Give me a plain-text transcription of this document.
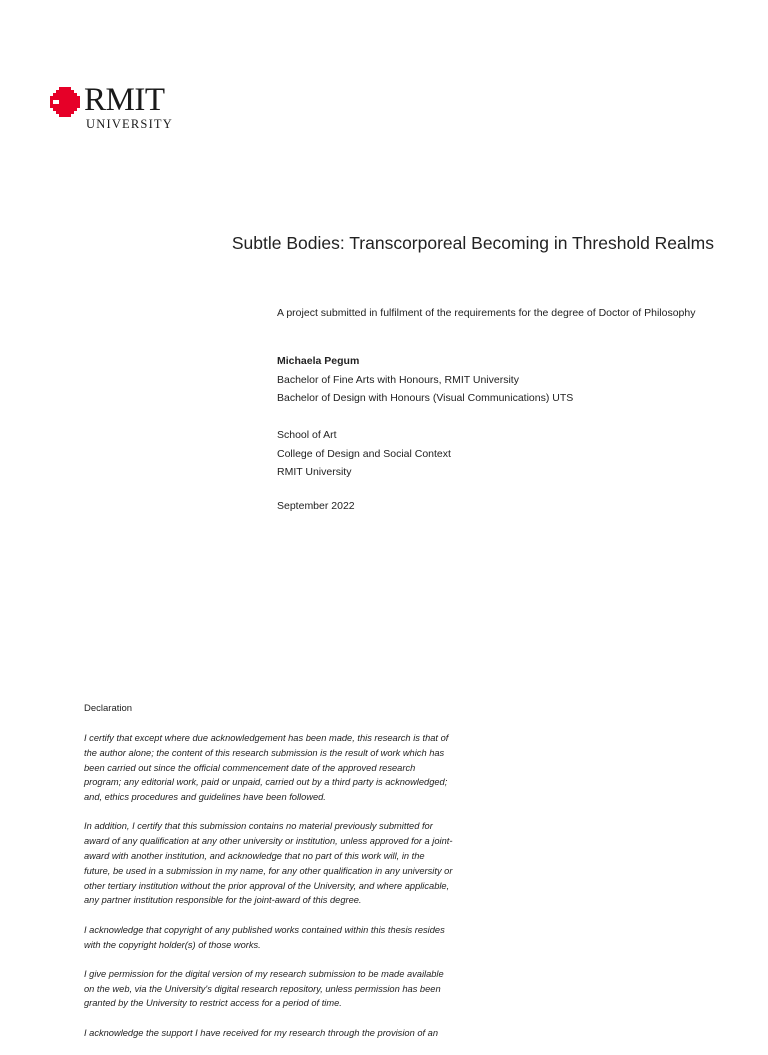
RMIT
UNIVERSITY
Subtle Bodies: Transcorporeal Becoming in Threshold Realms
A project submitted in fulfilment of the requirements for the degree of Doctor of Philosophy
Michaela Pegum
Bachelor of Fine Arts with Honours, RMIT University
Bachelor of Design with Honours (Visual Communications) UTS
School of Art
College of Design and Social Context
RMIT University
September 2022
Declaration

I certify that except where due acknowledgement has been made, this research is that of
the author alone; the content of this research submission is the result of work which has
been carried out since the official commencement date of the approved research
program; any editorial work, paid or unpaid, carried out by a third party is acknowledged;
and, ethics procedures and guidelines have been followed.

In addition, I certify that this submission contains no material previously submitted for
award of any qualification at any other university or institution, unless approved for a joint-
award with another institution, and acknowledge that no part of this work will, in the
future, be used in a submission in my name, for any other qualification in any university or
other tertiary institution without the prior approval of the University, and where applicable,
any partner institution responsible for the joint-award of this degree.

I acknowledge that copyright of any published works contained within this thesis resides
with the copyright holder(s) of those works.

I give permission for the digital version of my research submission to be made available
on the web, via the University's digital research repository, unless permission has been
granted by the University to restrict access for a period of time.

I acknowledge the support I have received for my research through the provision of an
